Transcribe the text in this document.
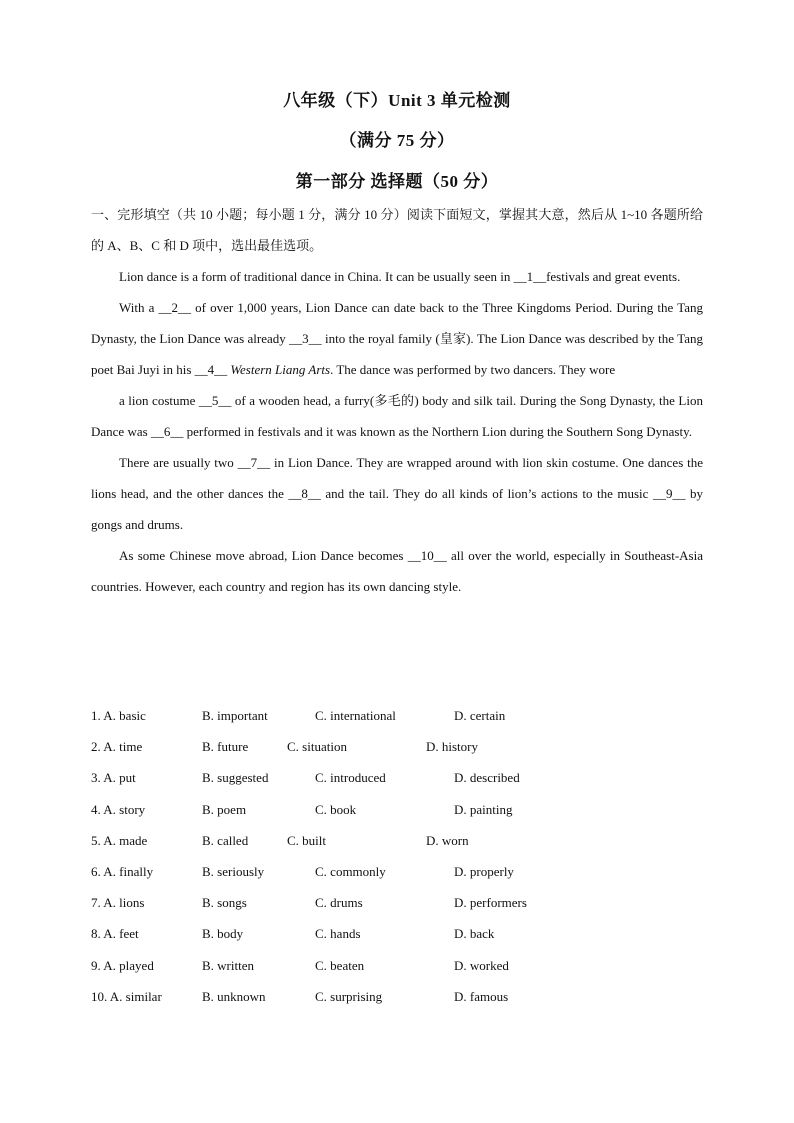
八年级（下）Unit 3 单元检测
（满分 75 分）
第一部分 选择题（50 分）

一、完形填空（共 10 小题；每小题 1 分，满分 10 分）阅读下面短文，掌握其大意，然后从 1~10 各题所给的 A、B、C 和 D 项中，选出最佳选项。

Lion dance is a form of traditional dance in China. It can be usually seen in __1__festivals and great events.

With a __2__ of over 1,000 years, Lion Dance can date back to the Three Kingdoms Period. During the Tang Dynasty, the Lion Dance was already __3__ into the royal family (皇家). The Lion Dance was described by the Tang poet Bai Juyi in his __4__ Western Liang Arts. The dance was performed by two dancers. They wore

a lion costume __5__ of a wooden head, a furry(多毛的) body and silk tail. During the Song Dynasty, the Lion Dance was __6__ performed in festivals and it was known as the Northern Lion during the Southern Song Dynasty.

There are usually two __7__ in Lion Dance. They are wrapped around with lion skin costume. One dances the lions head, and the other dances the __8__ and the tail. They do all kinds of lion’s actions to the music __9__ by gongs and drums.

As some Chinese move abroad, Lion Dance becomes __10__ all over the world, especially in Southeast-Asia countries. However, each country and region has its own dancing style.

1. A. basic	B. important	C. international	D. certain
2. A. time	B. future	C. situation	D. history
3. A. put	B. suggested	C. introduced	D. described
4. A. story	B. poem	C. book	D. painting
5. A. made	B. called	C. built	D. worn
6. A. finally	B. seriously	C. commonly	D. properly
7. A. lions	B. songs	C. drums	D. performers
8. A. feet	B. body	C. hands	D. back
9. A. played	B. written	C. beaten	D. worked
10. A. similar	B. unknown	C. surprising	D. famous
